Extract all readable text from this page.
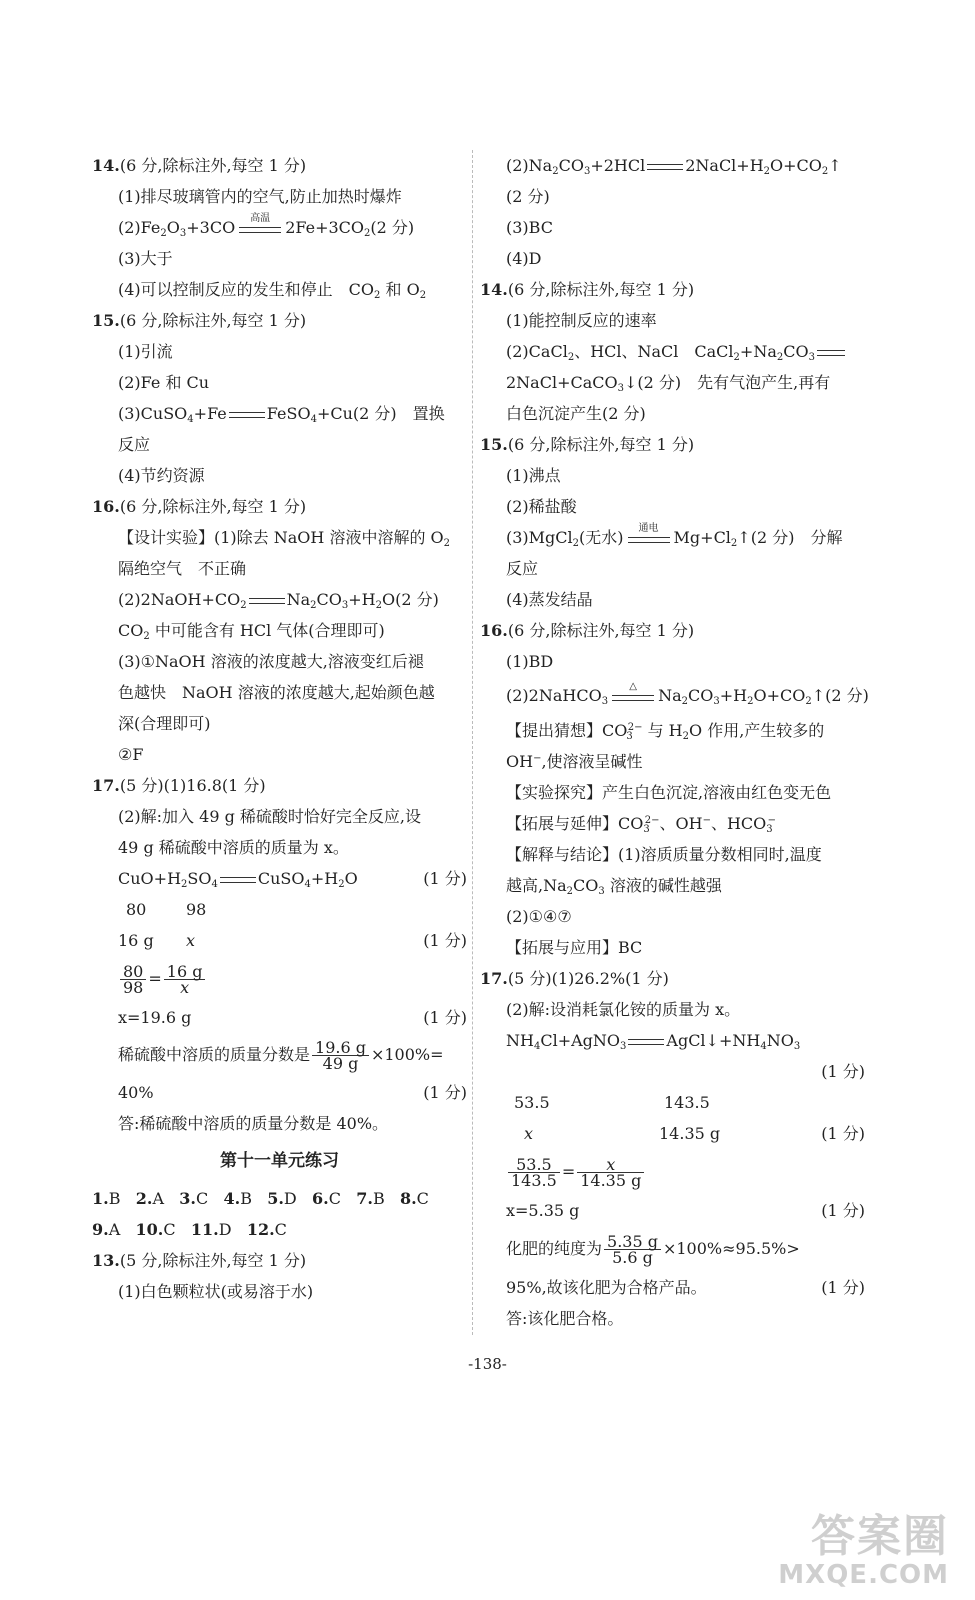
14.(6 分,除标注外,每空 1 分)
(1)排尽玻璃管内的空气,防止加热时爆炸
$(2)Fe_2O_3+3CO$	高温 $2Fe+3CO_2(2$ 分)
(3)大于
(4)可以控制反应的发生和停止　$CO_2$ 和 $O_2$
15.(6 分,除标注外,每空 1 分)
(1)引流
(2)Fe 和 Cu
(3)CuSO$_4$+Fe	FeSO$_4$+Cu(2 分)　置换
反应
(4)节约资源
16.(6 分,除标注外,每空 1 分)
【设计实验】(1)除去 NaOH 溶液中溶解的 $O_2$
隔绝空气　不正确
$(2)2NaOH+CO_2$	$Na_2CO_3+H_2O(2$ 分)
$CO_2$ 中可能含有 HCl 气体(合理即可)
(3)①NaOH 溶液的浓度越大,溶液变红后褪
色越快　NaOH 溶液的浓度越大,起始颜色越
深(合理即可)
②F
17.(5 分)(1)16.8(1 分)
(2)解:加入 49 g 稀硫酸时恰好完全反应,设
49 g 稀硫酸中溶质的质量为 x。
$CuO+H_2SO_4$	$CuSO_4+H_2O$	(1 分)
80 98
16 g x	(1 分)
$\frac{80}{98} = \frac{16 g}{x}$
x=19.6 g	(1 分)
稀硫酸中溶质的质量分数是 $\frac{19.6 g}{49 g} \times 100\%=$
40%	(1 分)
答:稀硫酸中溶质的质量分数是 40%。
第十一单元练习
1.B 2.A 3.C 4.B 5.D 6.C 7.B 8.C
9.A 10.C 11.D 12.C
13.(5 分,除标注外,每空 1 分)
(1)白色颗粒状(或易溶于水)
$(2)Na_2CO_3+2HCl$	$2NaCl+H_2O+CO_2↑$
(2 分)
(3)BC
(4)D
14.(6 分,除标注外,每空 1 分)
(1)能控制反应的速率
(2)CaCl$_2$、HCl、NaCl　$CaCl_2+Na_2CO_3$
2NaCl+CaCO$_3$↓(2 分)　先有气泡产生,再有
白色沉淀产生(2 分)
15.(6 分,除标注外,每空 1 分)
(1)沸点
(2)稀盐酸
(3)MgCl$_2$(无水)	通电 $Mg+Cl_2↑(2$ 分)　分解
反应
(4)蒸发结晶
16.(6 分,除标注外,每空 1 分)
(1)BD
(2)2NaHCO$_3$
△	$Na_2CO_3+H_2O+CO_2↑(2$ 分)
【提出猜想】$CO_3^{2-}$ 与 $H_2O$ 作用,产生较多的
OH−,使溶液呈碱性
【实验探究】产生白色沉淀,溶液由红色变无色
【拓展与延伸】$CO_3^{2-}$、OH−、$HCO_3^-$
【解释与结论】(1)溶质质量分数相同时,温度
越高$,Na_2CO_3$ 溶液的碱性越强
(2)①④⑦
【拓展与应用】BC
17.(5 分)(1)26.2%(1 分)
(2)解:设消耗氯化铵的质量为 x。
$NH_4Cl+AgNO_3$	$AgCl↓+NH_4NO_3$
(1 分)
53.5	143.5
x	14.35 g	(1 分)
$\frac{53.5}{143.5} = \frac{x}{14.35 g}$
x=5.35 g	(1 分)
化肥的纯度为 $\frac{5.35 g}{5.6 g} \times 100\%\approx 95.5\%>$
95%,故该化肥为合格产品。	(1 分)
答:该化肥合格。
-138-
答案圈
MXQE.COM
